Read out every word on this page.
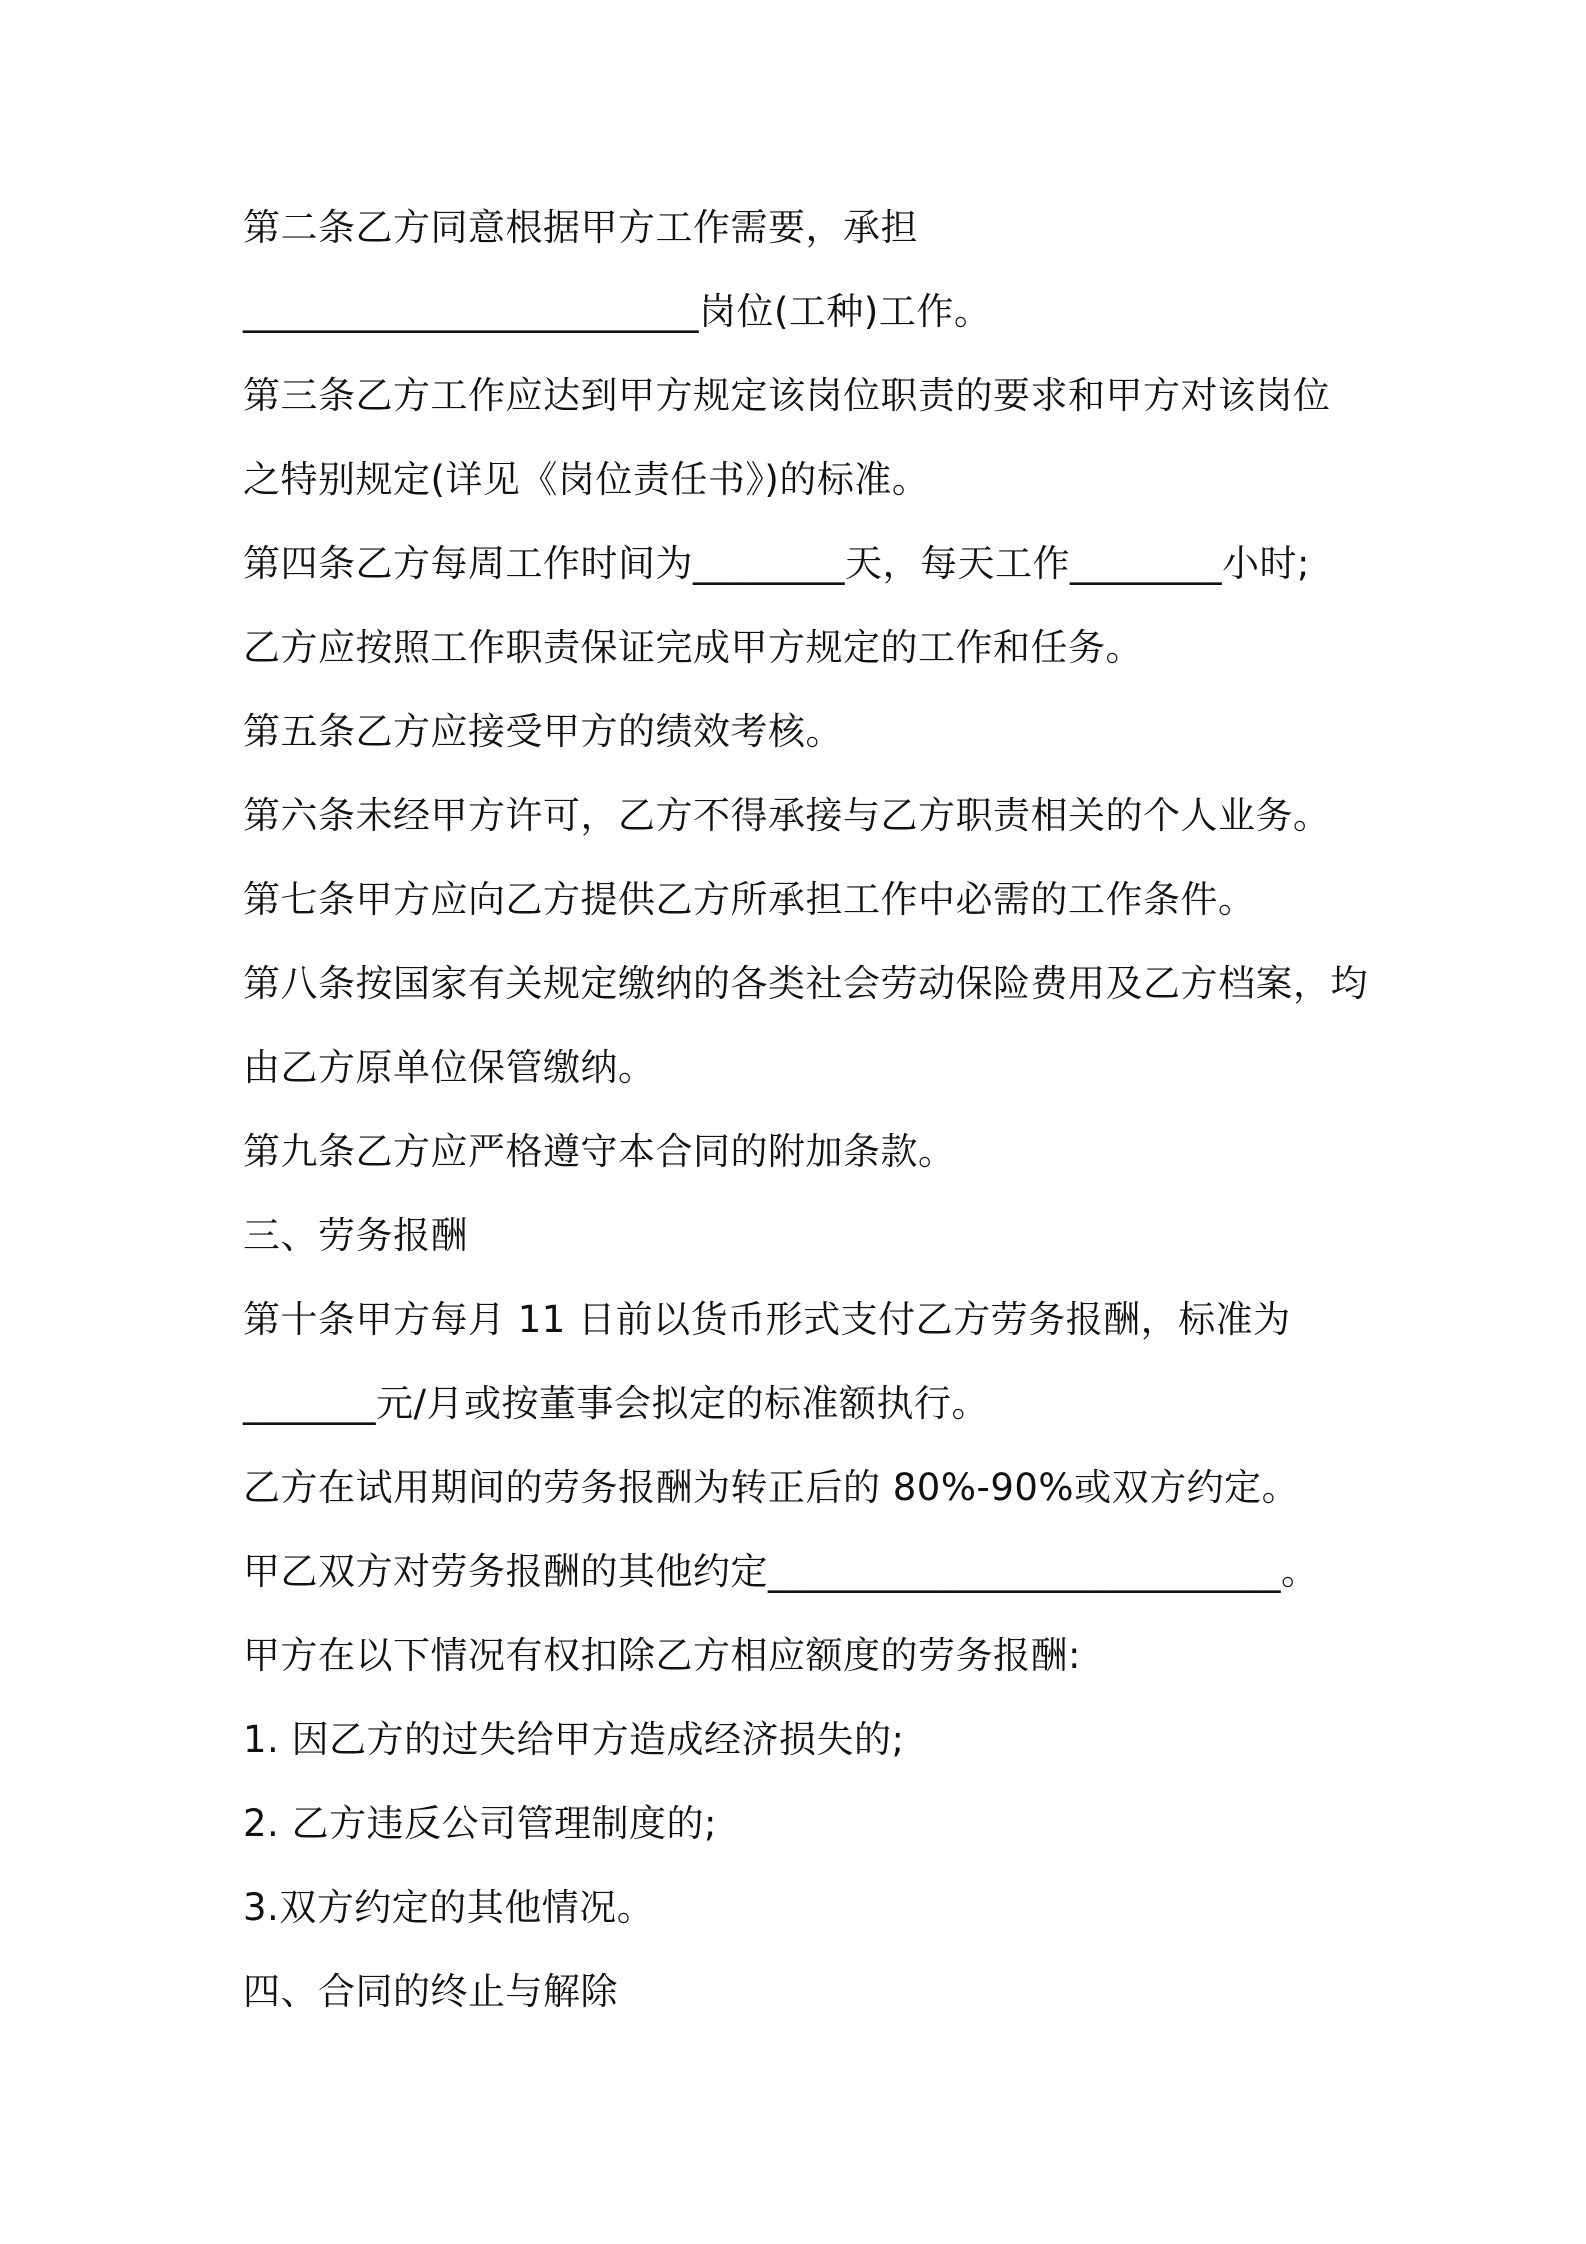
第二条乙方同意根据甲方工作需要，承担
________________________岗位(工种)工作。
第三条乙方工作应达到甲方规定该岗位职责的要求和甲方对该岗位
之特别规定(详见《岗位责任书》)的标准。
第四条乙方每周工作时间为________天，每天工作________小时;
乙方应按照工作职责保证完成甲方规定的工作和任务。
第五条乙方应接受甲方的绩效考核。
第六条未经甲方许可，乙方不得承接与乙方职责相关的个人业务。
第七条甲方应向乙方提供乙方所承担工作中必需的工作条件。
第八条按国家有关规定缴纳的各类社会劳动保险费用及乙方档案，均
由乙方原单位保管缴纳。
第九条乙方应严格遵守本合同的附加条款。
三、劳务报酬
第十条甲方每月 11 日前以货币形式支付乙方劳务报酬，标准为
_______元/月或按董事会拟定的标准额执行。
乙方在试用期间的劳务报酬为转正后的 80%-90%或双方约定。
甲乙双方对劳务报酬的其他约定___________________________。
甲方在以下情况有权扣除乙方相应额度的劳务报酬:
1. 因乙方的过失给甲方造成经济损失的;
2. 乙方违反公司管理制度的;
3.双方约定的其他情况。
四、合同的终止与解除
